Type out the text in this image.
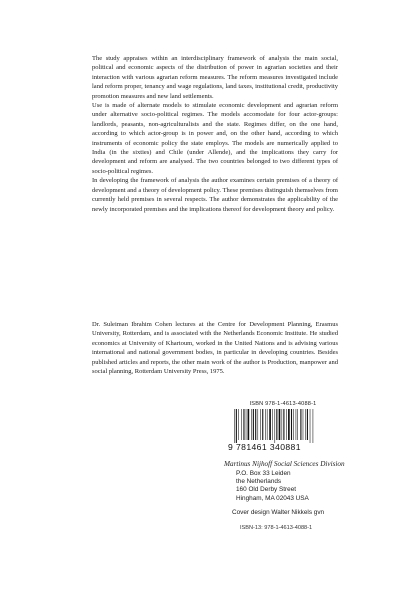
The study appraises within an interdisciplinary framework of analysis the main social, political and economic aspects of the distribution of power in agrarian societies and their interaction with various agrarian reform measures. The reform measures investigated include land reform proper, tenancy and wage regulations, land taxes, institutional credit, productivity promotion measures and new land settlements.

Use is made of alternate models to stimulate economic development and agrarian reform under alternative socio-political regimes. The models accomodate for four actor-groups: landlords, peasants, non-agriculturalists and the state. Regimes differ, on the one hand, according to which actor-group is in power and, on the other hand, according to which instruments of economic policy the state employs. The models are numerically applied to India (in the sixties) and Chile (under Allende), and the implications they carry for development and reform are analysed. The two countries belonged to two different types of socio-political regimes.

In developing the framework of analysis the author examines certain premises of a theory of development and a theory of development policy. These premises distinguish themselves from currently held premises in several respects. The author demonstrates the applicability of the newly incorporated premises and the implications thereof for development theory and policy.

Dr. Suleiman Ibrahim Cohen lectures at the Centre for Development Planning, Erasmus University, Rotterdam, and is associated with the Netherlands Economic Institute. He studied economics at University of Khartoum, worked in the United Nations and is advising various international and national government bodies, in particular in developing countries. Besides published articles and reports, the other main work of the author is Production, manpower and social planning, Rotterdam University Press, 1975.

ISBN 978-1-4613-4088-1
9 781461 340881
Martinus Nijhoff Social Sciences Division
P.O. Box 33 Leiden
the Netherlands
160 Old Derby Street
Hingham, MA 02043 USA
Cover design Walter Nikkels gvn
ISBN-13: 978-1-4613-4088-1
